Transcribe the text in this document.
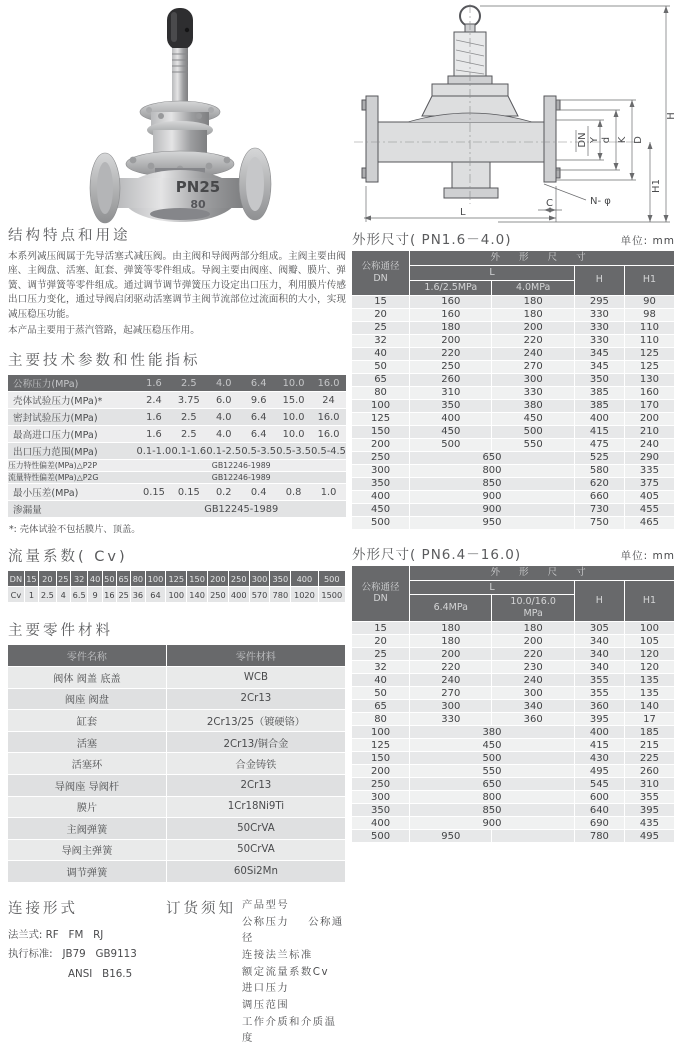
PN25
80
H
H1
D
K
d
Y
DN
N- φ
C
L
结构特点和用途

本系列减压阀属于先导活塞式减压阀。由主阀和导阀两部分组成。主阀主要由阀座、主阀盘、活塞、缸套、弹簧等零件组成。导阀主要由阀座、阀瓣、膜片、弹簧、调节弹簧等零件组成。通过调节调节弹簧压力设定出口压力，利用膜片传感出口压力变化，通过导阀启闭驱动活塞调节主阀节流部位过流面积的大小，实现减压稳压功能。

本产品主要用于蒸汽管路，起减压稳压作用。

主要技术参数和性能指标
公称压力(MPa)	1.6	2.5	4.0	6.4	10.0	16.0
壳体试验压力(MPa)*	2.4	3.75	6.0	9.6	15.0	24
密封试验压力(MPa)	1.6	2.5	4.0	6.4	10.0	16.0
最高进口压力(MPa)	1.6	2.5	4.0	6.4	10.0	16.0
出口压力范围(MPa)	0.1-1.0	0.1-1.6	0.1-2.5	0.5-3.5	0.5-3.5	0.5-4.5
压力特性偏差(MPa)△P2P	GB12246-1989					
流量特性偏差(MPa)△P2G	GB12246-1989					
最小压差(MPa)	0.15	0.15	0.2	0.4	0.8	1.0
渗漏量	GB12245-1989					
*: 壳体试验不包括膜片、顶盖。
流量系数( Cv)
DN	15	20	25	32	40	50	65	80	100	125	150	200	250	300	350	400	500
Cv	1	2.5	4	6.5	9	16	25	36	64	100	140	250	400	570	780	1020	1500
主要零件材料
零件名称	零件材料
阀体 阀盖 底盖	WCB
阀座 阀盘	2Cr13
缸套	2Cr13/25（镀硬铬）
活塞	2Cr13/铜合金
活塞环	合金铸铁
导阀座 导阀杆	2Cr13
膜片	1Cr18Ni9Ti
主阀弹簧	50CrVA
导阀主弹簧	50CrVA
调节弹簧	60Si2Mn
连接形式
法兰式: RF   FM   RJ
执行标准:   JB79   GB9113
ANSI   B16.5
订货须知 产品型号
公称压力    公称通径
连接法兰标准
额定流量系数Cv
进口压力
调压范围
工作介质和介质温度
外形尺寸( PN1.6－4.0)	单位: mm
公称通径
DN	外 形 尺 寸			
	L		H	H1
	1.6/2.5MPa	4.0MPa		
15	160	180	295	90
20	160	180	330	98
25	180	200	330	110
32	200	220	330	110
40	220	240	345	125
50	250	270	345	125
65	260	300	350	130
80	310	330	385	160
100	350	380	385	170
125	400	450	400	200
150	450	500	415	210
200	500	550	475	240
250	650		525	290
300	800		580	335
350	850		620	375
400	900		660	405
450	900		730	455
500	950		750	465
外形尺寸( PN6.4－16.0)	单位: mm
公称通径
DN	外 形 尺 寸			
	L		H	H1
	6.4MPa	10.0/16.0
MPa		
15	180	180	305	100
20	180	200	340	105
25	200	220	340	120
32	220	230	340	120
40	240	240	355	135
50	270	300	355	135
65	300	340	360	140
80	330	360	395	17
100	380		400	185
125	450		415	215
150	500		430	225
200	550		495	260
250	650		545	310
300	800		600	355
350	850		640	395
400	900		690	435
500	950		780	495
